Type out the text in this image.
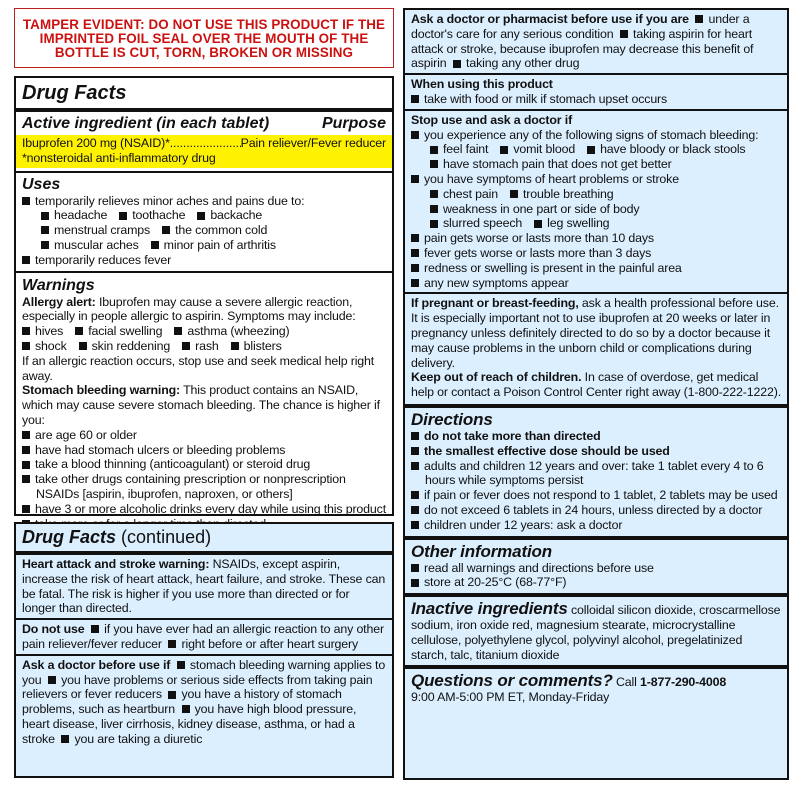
TAMPER EVIDENT: DO NOT USE THIS PRODUCT IF THE IMPRINTED FOIL SEAL OVER THE MOUTH OF THE BOTTLE IS CUT, TORN, BROKEN OR MISSING
Drug Facts
Active ingredient (in each tablet)	Purpose
Ibuprofen 200 mg (NSAID)*
.....	Pain reliever/Fever reducer
*nonsteroidal anti-inflammatory drug
Uses
temporarily relieves minor aches and pains due to:
headache	toothache	backache
menstrual cramps	the common cold
muscular aches	minor pain of arthritis
temporarily reduces fever
Warnings
Allergy alert: Ibuprofen may cause a severe allergic reaction, especially in people allergic to aspirin. Symptoms may include:
hives	facial swelling	asthma (wheezing)
shock	skin reddening	rash	blisters
If an allergic reaction occurs, stop use and seek medical help right away.
Stomach bleeding warning: This product contains an NSAID, which may cause severe stomach bleeding. The chance is higher if you:
are age 60 or older
have had stomach ulcers or bleeding problems
take a blood thinning (anticoagulant) or steroid drug
take other drugs containing prescription or nonprescription NSAIDs [aspirin, ibuprofen, naproxen, or others]
have 3 or more alcoholic drinks every day while using this product
Drug Facts (continued)
Heart attack and stroke warning: NSAIDs, except aspirin, increase the risk of heart attack, heart failure, and stroke. These can be fatal. The risk is higher if you use more than directed or for longer than directed.
Do not use if you have ever had an allergic reaction to any other pain reliever/fever reducer right before or after heart surgery
Ask a doctor before use if stomach bleeding warning applies to you you have problems or serious side effects from taking pain relievers or fever reducers you have a history of stomach problems, such as heartburn you have high blood pressure, heart disease, liver cirrhosis, kidney disease, asthma, or had a stroke you are taking a diuretic
Ask a doctor or pharmacist before use if you are under a doctor's care for any serious condition taking aspirin for heart attack or stroke, because ibuprofen may decrease this benefit of aspirin taking any other drug
When using this product
take with food or milk if stomach upset occurs
Stop use and ask a doctor if
you experience any of the following signs of stomach bleeding:
feel faint	vomit blood	have bloody or black stools
have stomach pain that does not get better
you have symptoms of heart problems or stroke
chest pain	trouble breathing
weakness in one part or side of body
slurred speech	leg swelling
pain gets worse or lasts more than 10 days
fever gets worse or lasts more than 3 days
redness or swelling is present in the painful area
any new symptoms appear
If pregnant or breast-feeding, ask a health professional before use. It is especially important not to use ibuprofen at 20 weeks or later in pregnancy unless definitely directed to do so by a doctor because it may cause problems in the unborn child or complications during delivery.
Keep out of reach of children. In case of overdose, get medical help or contact a Poison Control Center right away (1-800-222-1222).
Directions
do not take more than directed
the smallest effective dose should be used
adults and children 12 years and over: take 1 tablet every 4 to 6 hours while symptoms persist
if pain or fever does not respond to 1 tablet, 2 tablets may be used
do not exceed 6 tablets in 24 hours, unless directed by a doctor
children under 12 years: ask a doctor
Other information
read all warnings and directions before use
store at 20-25°C (68-77°F)
Inactive ingredients colloidal silicon dioxide, croscarmellose sodium, iron oxide red, magnesium stearate, microcrystalline cellulose, polyethylene glycol, polyvinyl alcohol, pregelatinized starch, talc, titanium dioxide
Questions or comments? Call 1-877-290-4008
9:00 AM-5:00 PM ET, Monday-Friday
